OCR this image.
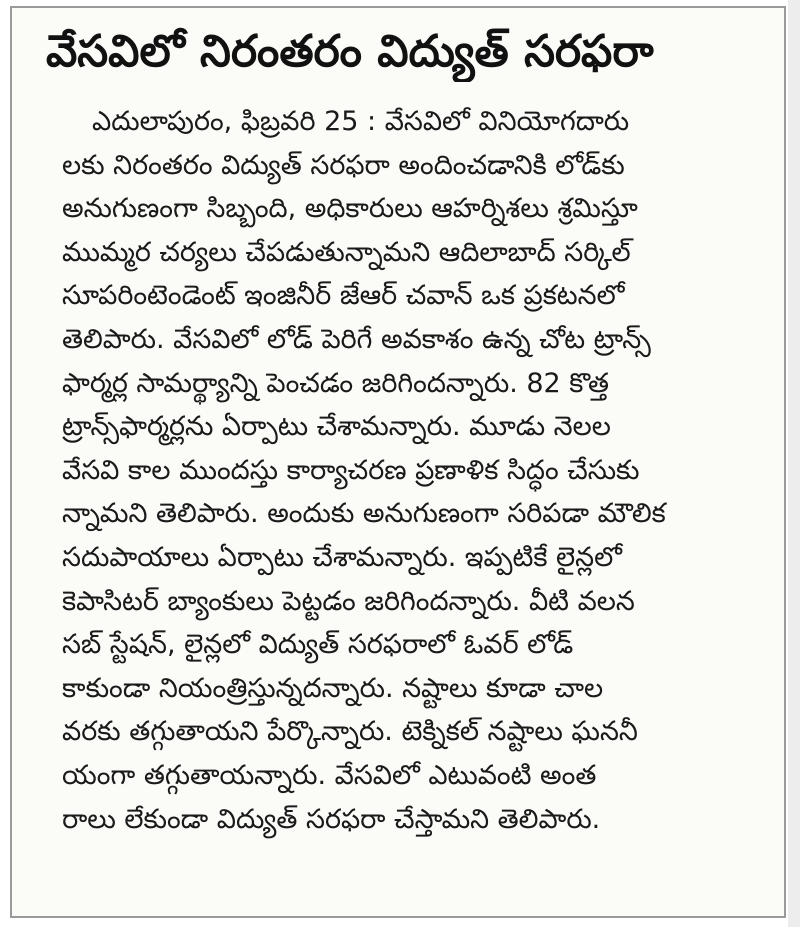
వేసవిలో నిరంతరం విద్యుత్ సరఫరా
ఎదులాపురం, ఫిబ్రవరి 25 : వేసవిలో వినియోగదారు
లకు నిరంతరం విద్యుత్ సరఫరా అందించడానికి లోడ్‌కు
అనుగుణంగా సిబ్బంది, అధికారులు ఆహర్నిశలు శ్రమిస్తూ
ముమ్మర చర్యలు చేపడుతున్నామని ఆదిలాబాద్ సర్కిల్
సూపరింటెండెంట్ ఇంజినీర్ జేఆర్ చవాన్ ఒక ప్రకటనలో
తెలిపారు. వేసవిలో లోడ్ పెరిగే అవకాశం ఉన్న చోట ట్రాన్స్
ఫార్మర్ల సామర్థ్యాన్ని పెంచడం జరిగిందన్నారు. 82 కొత్త
ట్రాన్స్‌ఫార్మర్లను ఏర్పాటు చేశామన్నారు. మూడు నెలల
వేసవి కాల ముందస్తు కార్యాచరణ ప్రణాళిక సిద్ధం చేసుకు
న్నామని తెలిపారు. అందుకు అనుగుణంగా సరిపడా మౌలిక
సదుపాయాలు ఏర్పాటు చేశామన్నారు. ఇప్పటికే లైన్లలో
కెపాసిటర్ బ్యాంకులు పెట్టడం జరిగిందన్నారు. వీటి వలన
సబ్ స్టేషన్, లైన్లలో విద్యుత్ సరఫరాలో ఓవర్ లోడ్
కాకుండా నియంత్రిస్తున్నదన్నారు. నష్టాలు కూడా చాల
వరకు తగ్గుతాయని పేర్కొన్నారు. టెక్నికల్ నష్టాలు ఘననీ
యంగా తగ్గుతాయన్నారు. వేసవిలో ఎటువంటి అంత
రాలు లేకుండా విద్యుత్ సరఫరా చేస్తామని తెలిపారు.
